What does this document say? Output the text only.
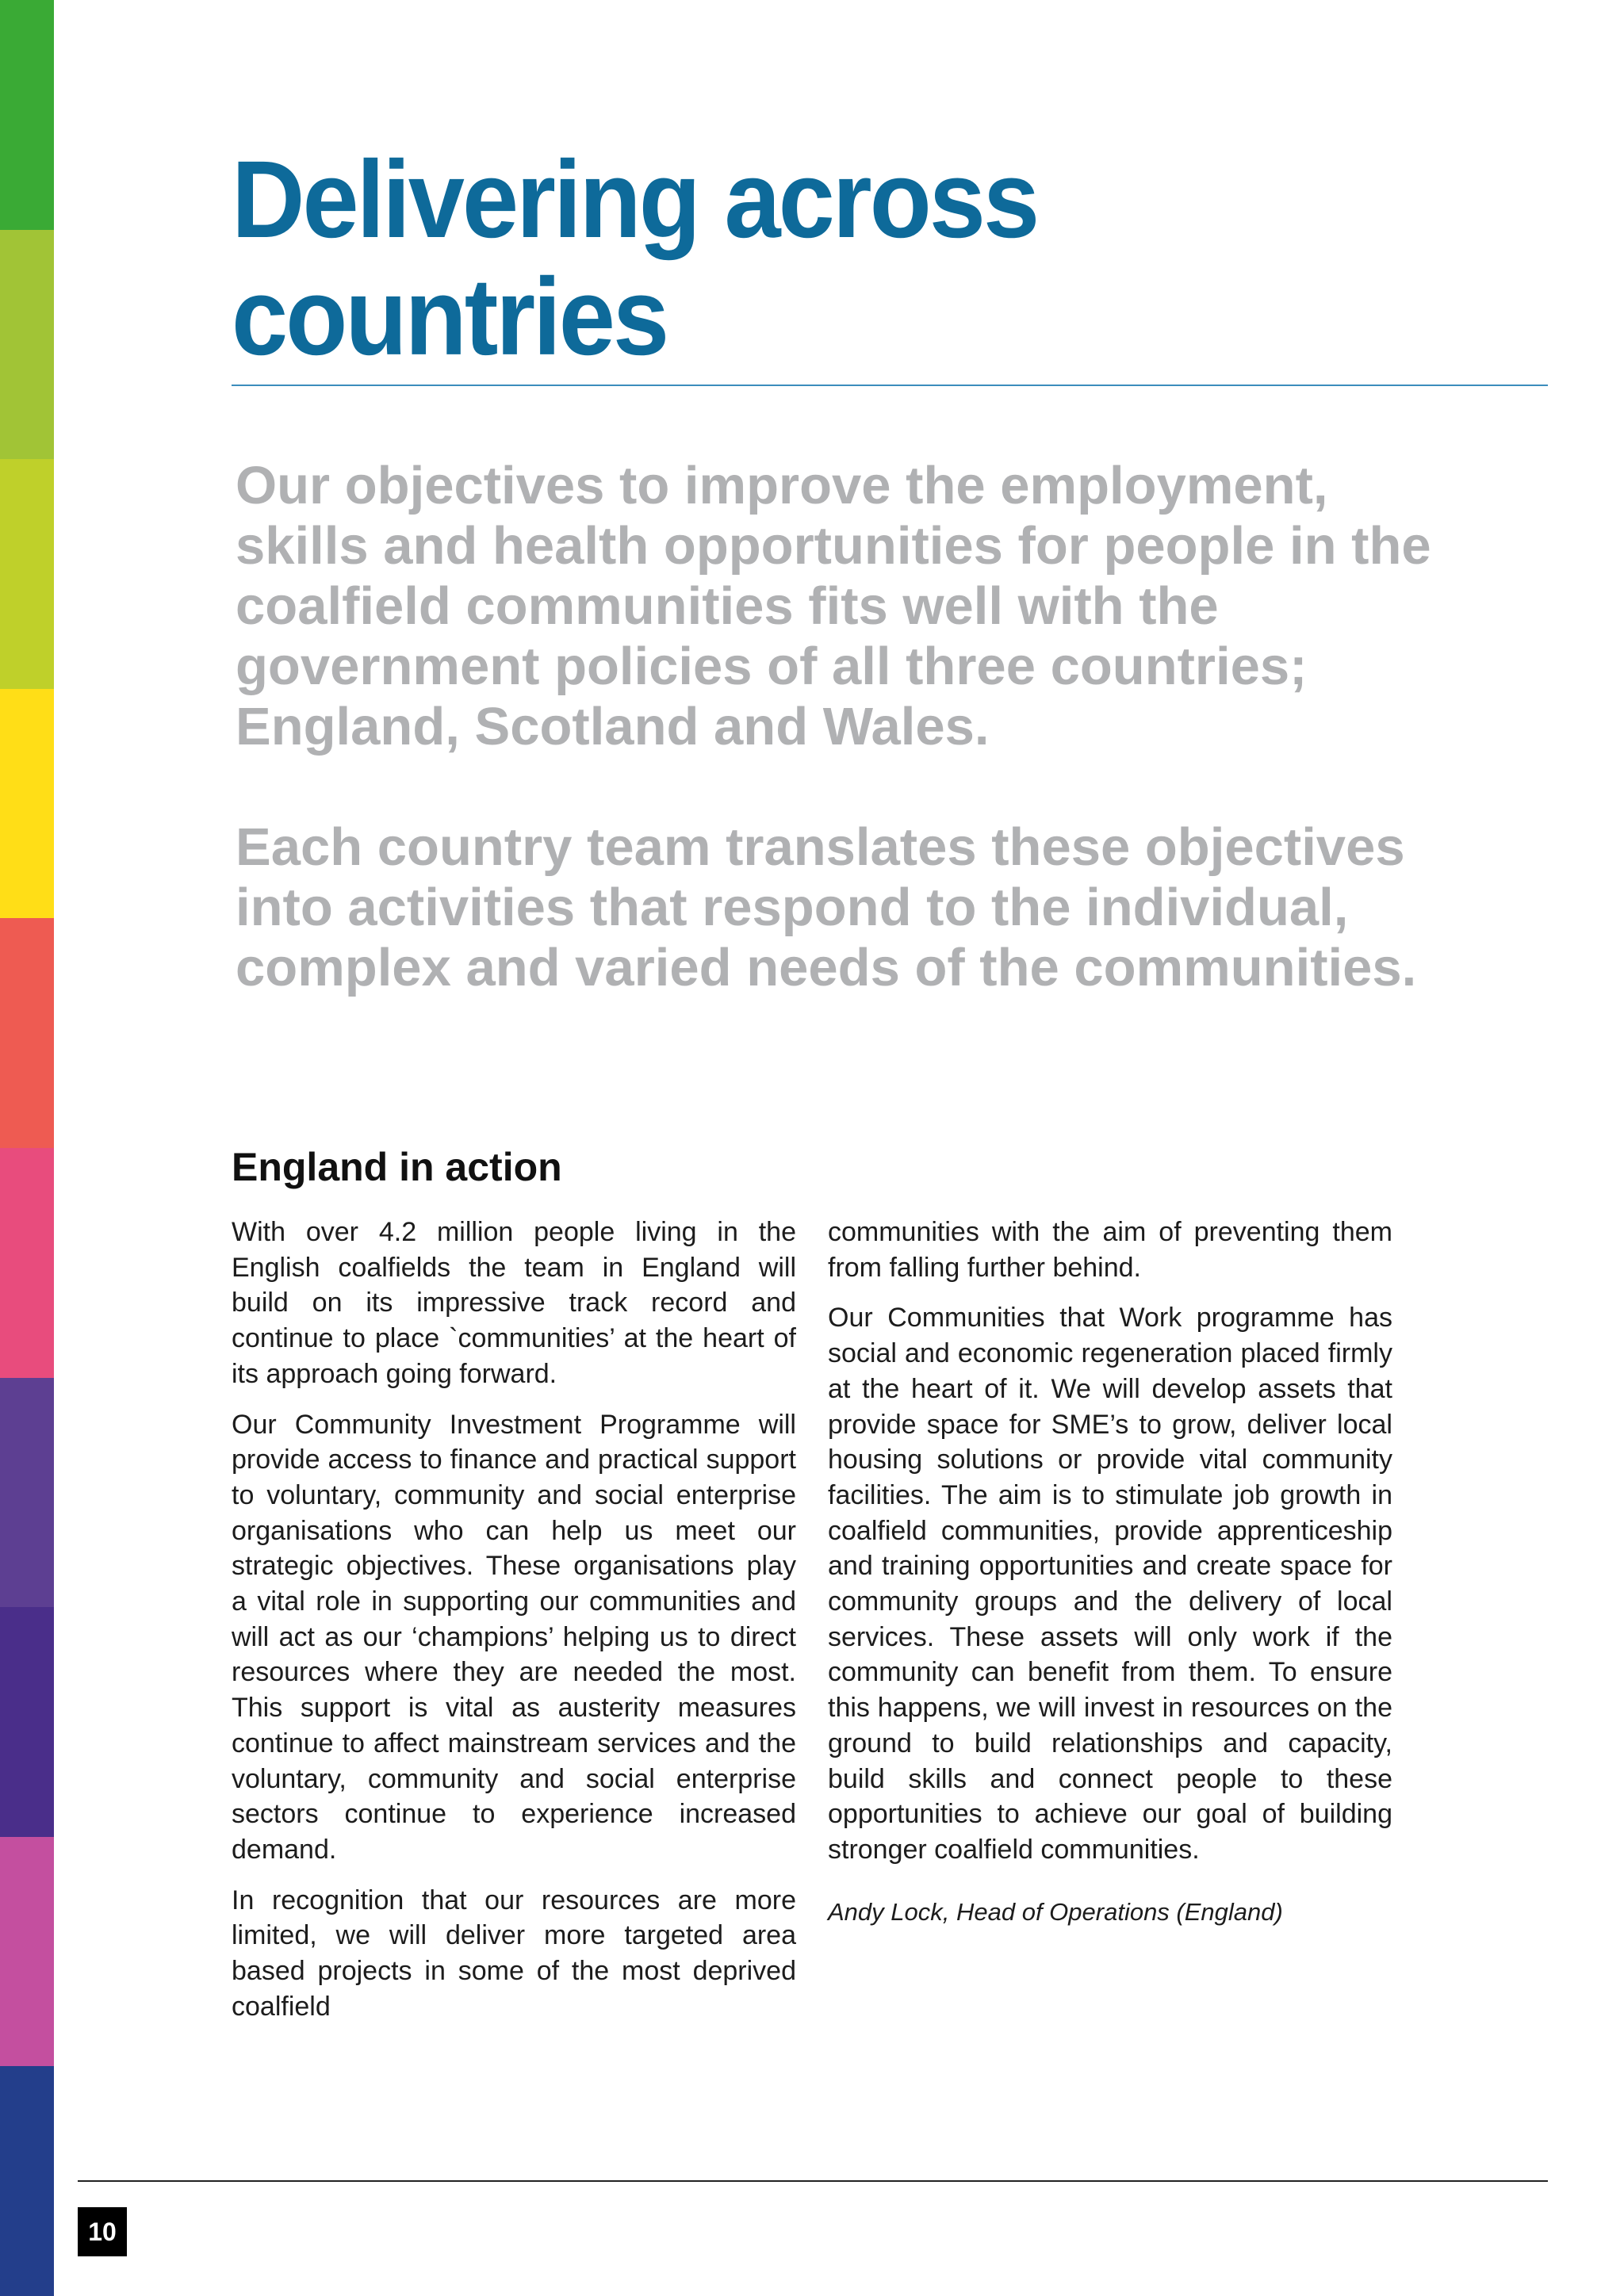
Delivering across countries

Our objectives to improve the employment, skills and health opportunities for people in the coalfield communities fits well with the government policies of all three countries; England, Scotland and Wales.

Each country team translates these objectives into activities that respond to the individual, complex and varied needs of the communities.

England in action

With over 4.2 million people living in the English coalfields the team in England will build on its impressive track record and continue to place `communities’ at the heart of its approach going forward.

Our Community Investment Programme will provide access to finance and practical support to voluntary, community and social enterprise organisations who can help us meet our strategic objectives. These organisations play a vital role in supporting our communities and will act as our ‘champions’ helping us to direct resources where they are needed the most. This support is vital as austerity measures continue to affect mainstream services and the voluntary, community and social enterprise sectors continue to experience increased demand.

In recognition that our resources are more limited, we will deliver more targeted area based projects in some of the most deprived coalfield

communities with the aim of preventing them from falling further behind.

Our Communities that Work programme has social and economic regeneration placed firmly at the heart of it. We will develop assets that provide space for SME’s to grow, deliver local housing solutions or provide vital community facilities. The aim is to stimulate job growth in coalfield communities, provide apprenticeship and training opportunities and create space for community groups and the delivery of local services. These assets will only work if the community can benefit from them. To ensure this happens, we will invest in resources on the ground to build relationships and capacity, build skills and connect people to these opportunities to achieve our goal of building stronger coalfield communities.

Andy Lock, Head of Operations (England)

10
